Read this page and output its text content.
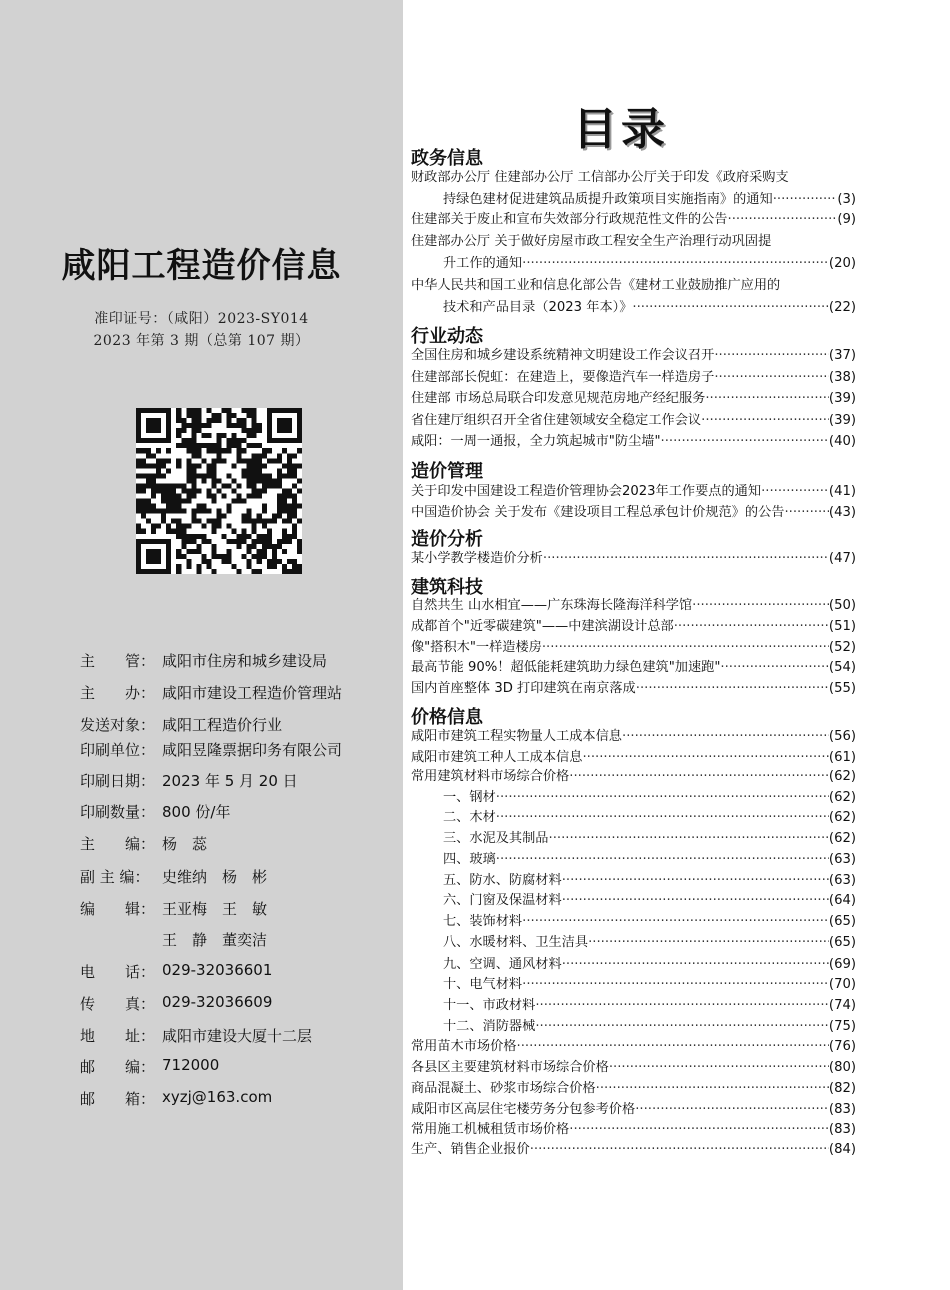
咸阳工程造价信息
准印证号：（咸阳）2023-SY014
2023 年第 3 期（总第 107 期）
主　　管： 咸阳市住房和城乡建设局
主　　办： 咸阳市建设工程造价管理站
发送对象： 咸阳工程造价行业
印刷单位： 咸阳昱隆票据印务有限公司
印刷日期： 2023 年 5 月 20 日
印刷数量： 800 份/年
主　　编： 杨　蕊
副 主 编： 史维纳　杨　彬
编　　辑： 王亚梅　王　敏
王　静　董奕洁
电　　话： 029-32036601
传　　真： 029-32036609
地　　址： 咸阳市建设大厦十二层
邮　　编： 712000
邮　　箱： xyzj@163.com
目录
政务信息
财政部办公厅 住建部办公厅 工信部办公厅关于印发《政府采购支
持绿色建材促进建筑品质提升政策项目实施指南》的通知 ·····	(3)
住建部关于废止和宣布失效部分行政规范性文件的公告 ·····	(9)
住建部办公厅 关于做好房屋市政工程安全生产治理行动巩固提
升工作的通知 ·····	(20)
中华人民共和国工业和信息化部公告《建材工业鼓励推广应用的
技术和产品目录（2023 年本）》 ·····	(22)
行业动态
全国住房和城乡建设系统精神文明建设工作会议召开 ·····	(37)
住建部部长倪虹：在建造上，要像造汽车一样造房子 ·····	(38)
住建部 市场总局联合印发意见规范房地产经纪服务 ·····	(39)
省住建厅组织召开全省住建领域安全稳定工作会议 ·····	(39)
咸阳：一周一通报，全力筑起城市"防尘墙" ·····	(40)
造价管理
关于印发中国建设工程造价管理协会2023年工作要点的通知 ·····	(41)
中国造价协会 关于发布《建设项目工程总承包计价规范》的公告 ·····	(43)
造价分析
某小学教学楼造价分析 ·····	(47)
建筑科技
自然共生 山水相宜——广东珠海长隆海洋科学馆 ·····	(50)
成都首个"近零碳建筑"——中建滨湖设计总部 ·····	(51)
像"搭积木"一样造楼房 ·····	(52)
最高节能 90%！超低能耗建筑助力绿色建筑"加速跑" ·····	(54)
国内首座整体 3D 打印建筑在南京落成 ·····	(55)
价格信息
咸阳市建筑工程实物量人工成本信息 ·····	(56)
咸阳市建筑工种人工成本信息 ·····	(61)
常用建筑材料市场综合价格 ·····	(62)
一、钢材 ·····	(62)
二、木材 ·····	(62)
三、水泥及其制品 ·····	(62)
四、玻璃 ·····	(63)
五、防水、防腐材料 ·····	(63)
六、门窗及保温材料 ·····	(64)
七、装饰材料 ·····	(65)
八、水暖材料、卫生洁具 ·····	(65)
九、空调、通风材料 ·····	(69)
十、电气材料 ·····	(70)
十一、市政材料 ·····	(74)
十二、消防器械 ·····	(75)
常用苗木市场价格 ·····	(76)
各县区主要建筑材料市场综合价格 ·····	(80)
商品混凝土、砂浆市场综合价格 ·····	(82)
咸阳市区高层住宅楼劳务分包参考价格 ·····	(83)
常用施工机械租赁市场价格 ·····	(83)
生产、销售企业报价 ·····	(84)
